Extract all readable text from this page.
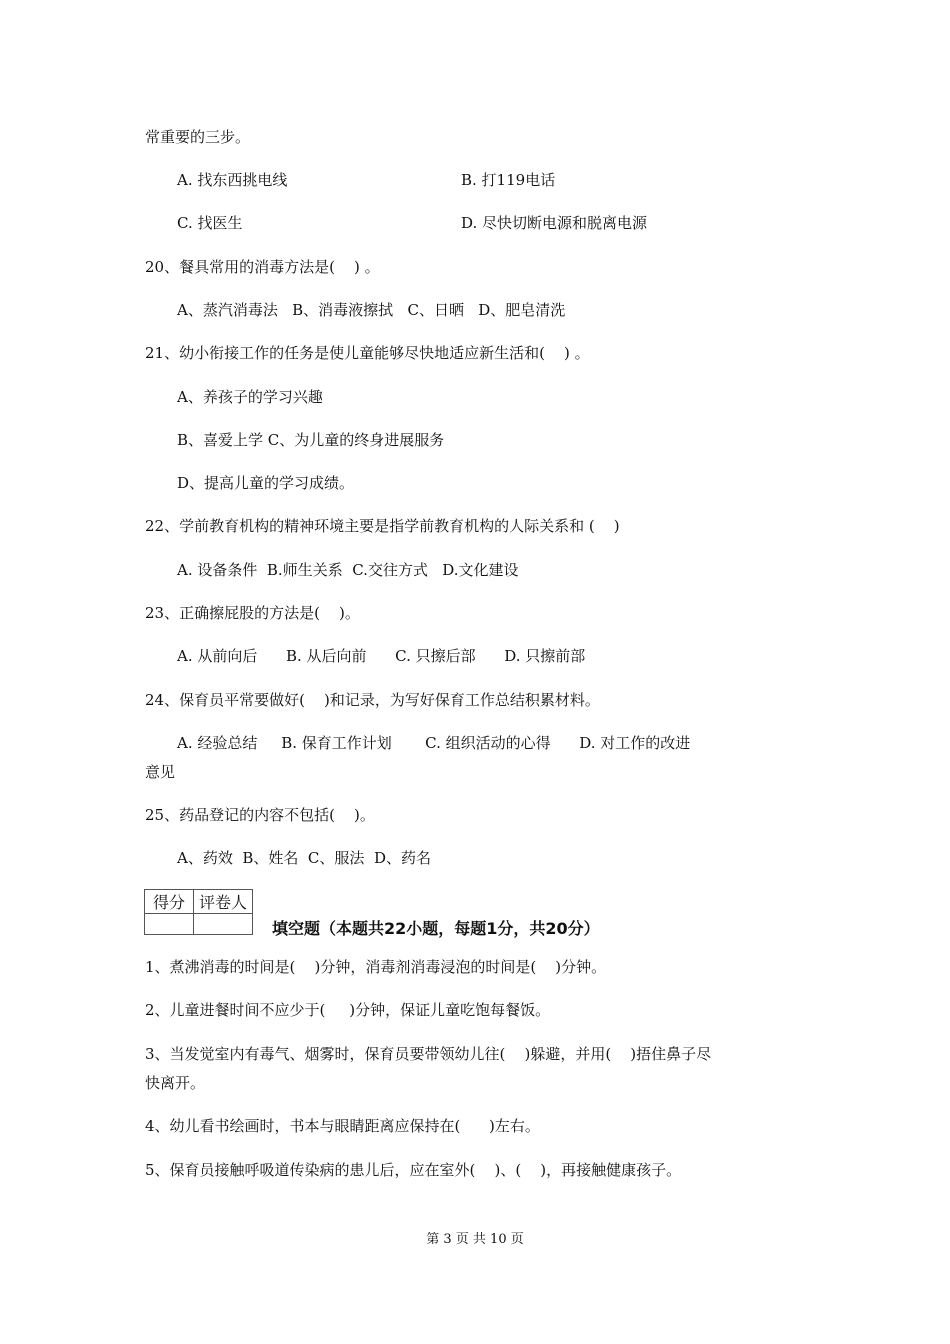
常重要的三步。
A. 找东西挑电线	B. 打119电话
C. 找医生	D. 尽快切断电源和脱离电源
20、餐具常用的消毒方法是(    ) 。
A、蒸汽消毒法   B、消毒液擦拭   C、日晒   D、肥皂清洗
21、幼小衔接工作的任务是使儿童能够尽快地适应新生活和(    ) 。
A、养孩子的学习兴趣
B、喜爱上学 C、为儿童的终身进展服务
D、提高儿童的学习成绩。
22、学前教育机构的精神环境主要是指学前教育机构的人际关系和 (    )
A. 设备条件  B.师生关系  C.交往方式   D.文化建设
23、正确擦屁股的方法是(    )。
A. 从前向后      B. 从后向前      C. 只擦后部      D. 只擦前部
24、保育员平常要做好(    )和记录，为写好保育工作总结积累材料。
A. 经验总结     B. 保育工作计划       C. 组织活动的心得      D. 对工作的改进
意见
25、药品登记的内容不包括(    )。
A、药效  B、姓名  C、服法  D、药名
得分	评卷人

填空题（本题共22小题，每题1分，共20分）
1、煮沸消毒的时间是(    )分钟，消毒剂消毒浸泡的时间是(    )分钟。
2、儿童进餐时间不应少于(     )分钟，保证儿童吃饱每餐饭。
3、当发觉室内有毒气、烟雾时，保育员要带领幼儿往(    )躲避，并用(    )捂住鼻子尽
快离开。
4、幼儿看书绘画时，书本与眼睛距离应保持在(      )左右。
5、保育员接触呼吸道传染病的患儿后，应在室外(    )、(    )，再接触健康孩子。
第 3 页 共 10 页
